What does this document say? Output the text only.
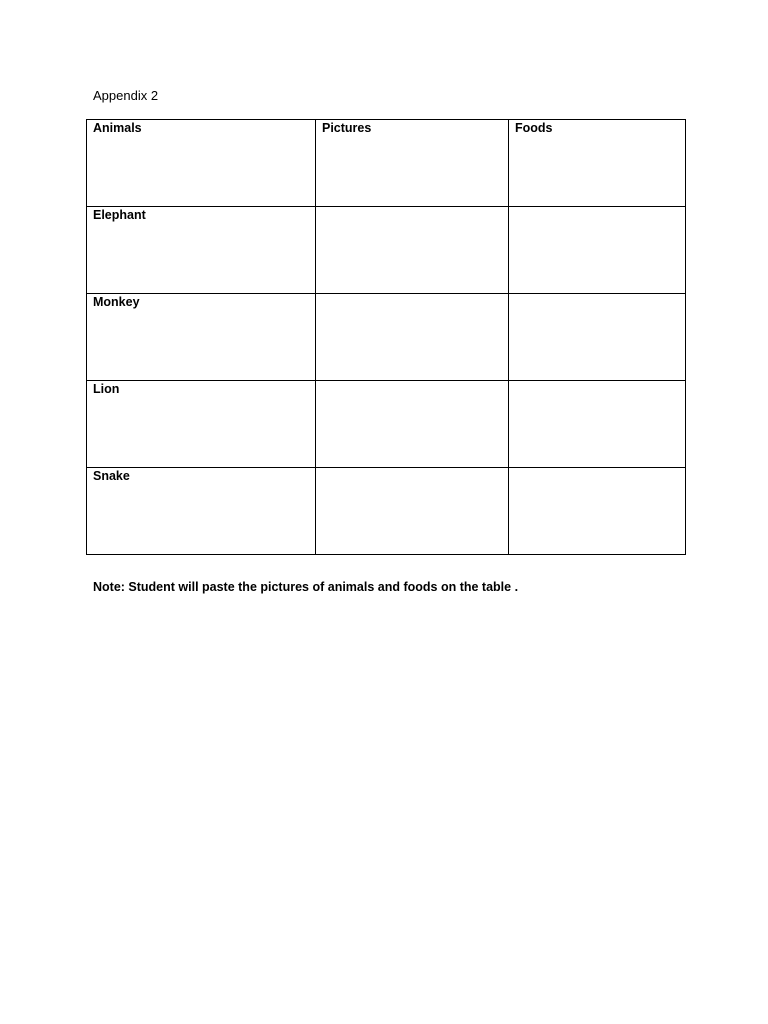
Appendix 2
Animals	Pictures	Foods
Elephant		
Monkey		
Lion		
Snake		
Note: Student will paste the pictures of animals and foods on the table .
